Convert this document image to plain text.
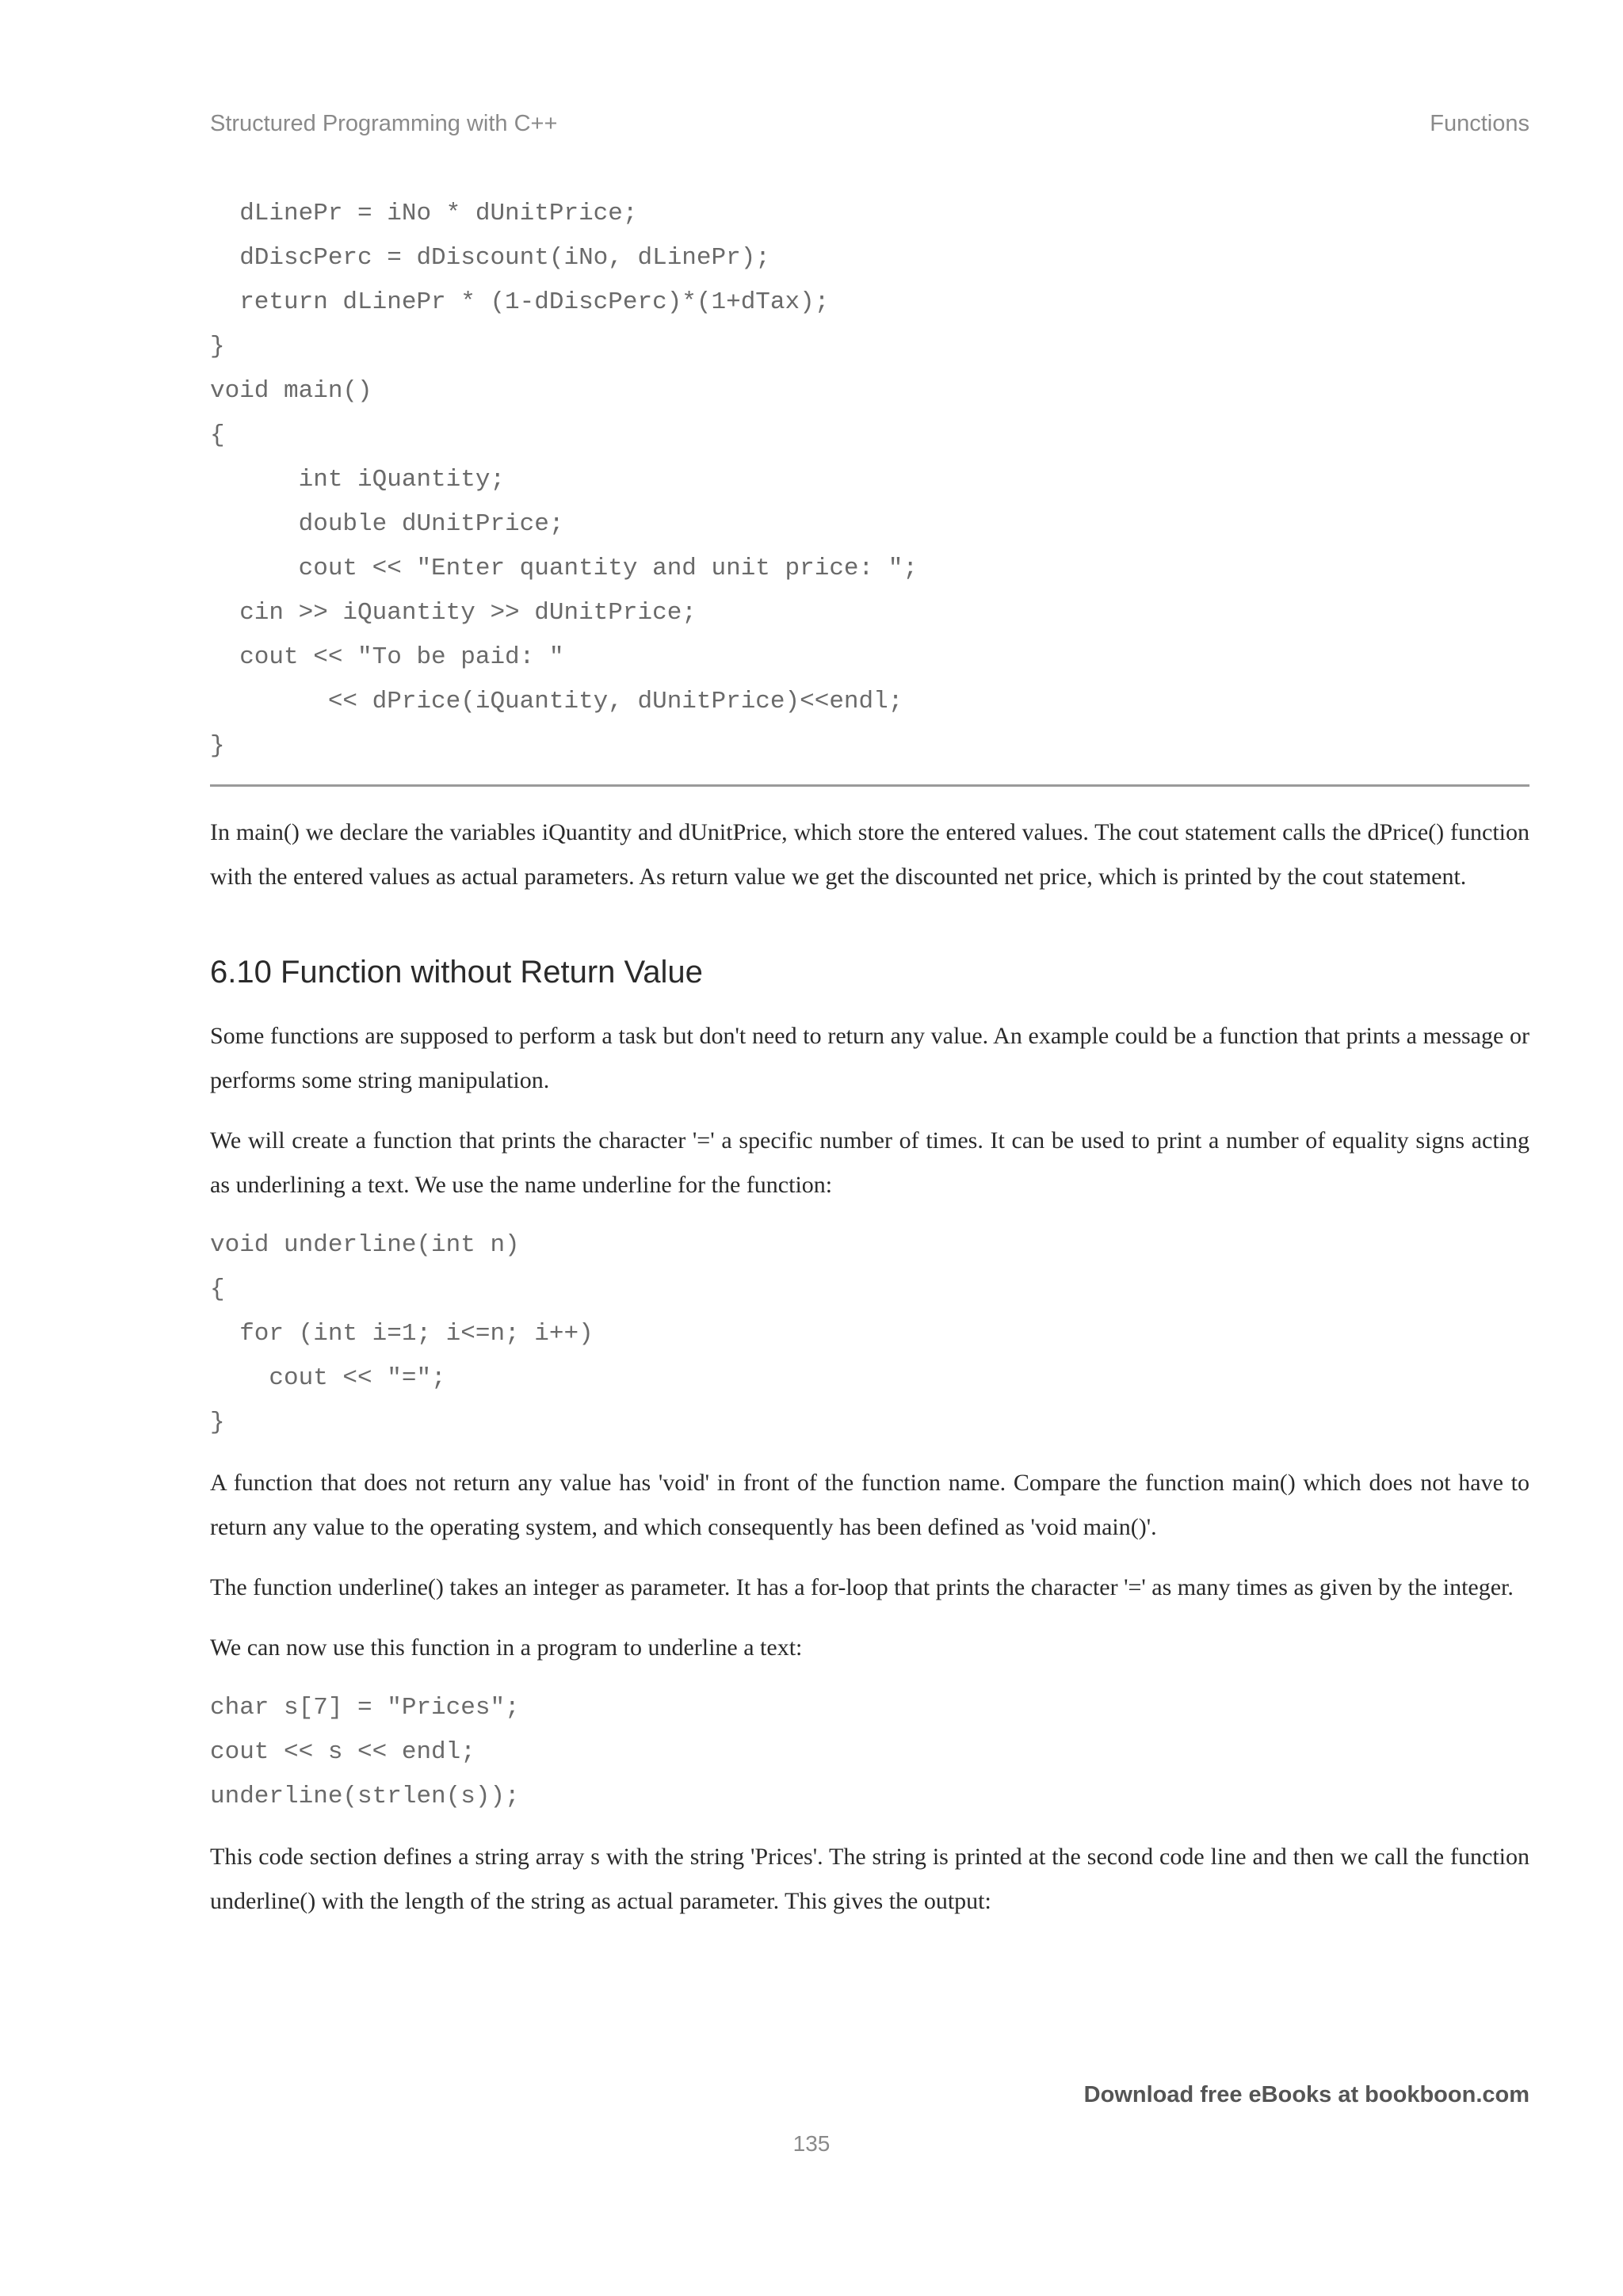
Structured Programming with C++	Functions
dLinePr = iNo * dUnitPrice;
dDiscPerc = dDiscount(iNo, dLinePr);
return dLinePr * (1-dDiscPerc)*(1+dTax);
}
void main()
{
int iQuantity;
double dUnitPrice;
cout << "Enter quantity and unit price: ";
cin >> iQuantity >> dUnitPrice;
cout << "To be paid: "
<< dPrice(iQuantity, dUnitPrice)<<endl;
}

In main() we declare the variables iQuantity and dUnitPrice, which store the entered values. The cout statement calls the dPrice() function with the entered values as actual parameters. As return value we get the discounted net price, which is printed by the cout statement.

6.10 Function without Return Value

Some functions are supposed to perform a task but don't need to return any value. An example could be a function that prints a message or performs some string manipulation.

We will create a function that prints the character '=' a specific number of times. It can be used to print a number of equality signs acting as underlining a text. We use the name underline for the function:

void underline(int n)
{
for (int i=1; i<=n; i++)
cout << "=";
}

A function that does not return any value has 'void' in front of the function name. Compare the function main() which does not have to return any value to the operating system, and which consequently has been defined as 'void main()'.

The function underline() takes an integer as parameter. It has a for-loop that prints the character '=' as many times as given by the integer.

We can now use this function in a program to underline a text:

char s[7] = "Prices";
cout << s << endl;
underline(strlen(s));

This code section defines a string array s with the string 'Prices'. The string is printed at the second code line and then we call the function underline() with the length of the string as actual parameter. This gives the output:

Download free eBooks at bookboon.com
135
